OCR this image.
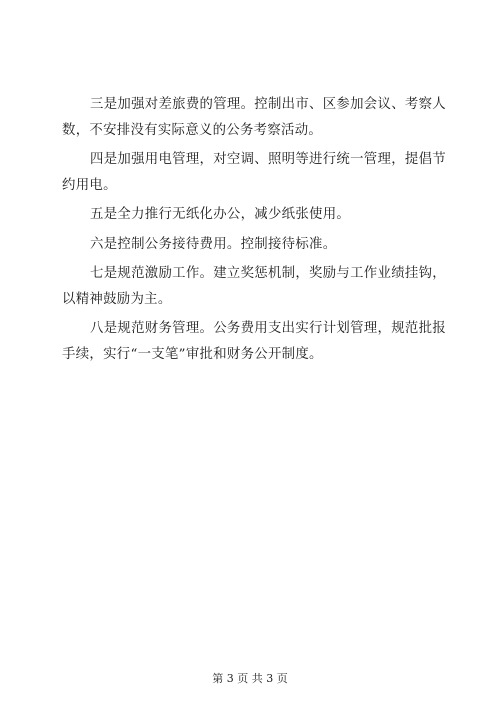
三是加强对差旅费的管理。控制出市、区参加会议、考察人
数，不安排没有实际意义的公务考察活动。

四是加强用电管理，对空调、照明等进行统一管理，提倡节
约用电。

五是全力推行无纸化办公，减少纸张使用。

六是控制公务接待费用。控制接待标准。

七是规范激励工作。建立奖惩机制，奖励与工作业绩挂钩，
以精神鼓励为主。

八是规范财务管理。公务费用支出实行计划管理，规范批报
手续，实行“一支笔”审批和财务公开制度。

第 3 页 共 3 页
